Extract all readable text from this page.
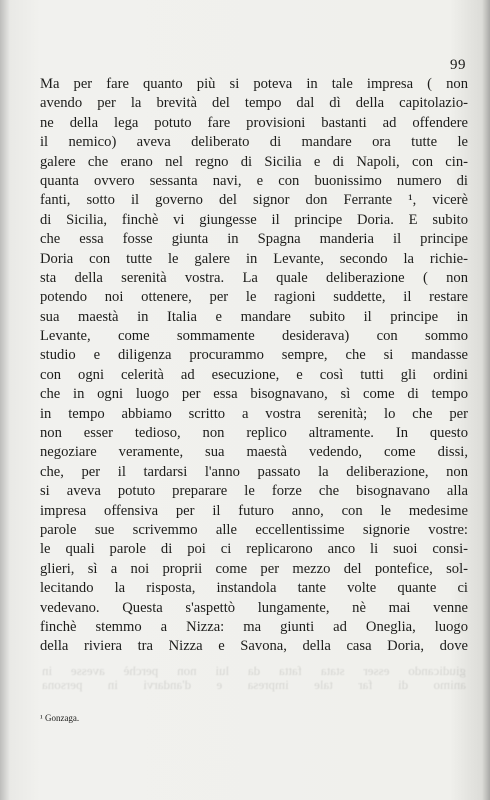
99
Ma per fare quanto più si poteva in tale impresa ( non
avendo per la brevità del tempo dal dì della capitolazio-
ne della lega potuto fare provisioni bastanti ad offendere
il nemico) aveva deliberato di mandare ora tutte le
galere che erano nel regno di Sicilia e di Napoli, con cin-
quanta ovvero sessanta navi, e con buonissimo numero di
fanti, sotto il governo del signor don Ferrante ¹, vicerè
di Sicilia, finchè vi giungesse il principe Doria. E subito
che essa fosse giunta in Spagna manderia il principe
Doria con tutte le galere in Levante, secondo la richie-
sta della serenità vostra. La quale deliberazione ( non
potendo noi ottenere, per le ragioni suddette, il restare
sua maestà in Italia e mandare subito il principe in
Levante, come sommamente desiderava) con sommo
studio e diligenza procurammo sempre, che si mandasse
con ogni celerità ad esecuzione, e così tutti gli ordini
che in ogni luogo per essa bisognavano, sì come di tempo
in tempo abbiamo scritto a vostra serenità; lo che per
non esser tedioso, non replico altramente. In questo
negoziare veramente, sua maestà vedendo, come dissi,
che, per il tardarsi l'anno passato la deliberazione, non
si aveva potuto preparare le forze che bisognavano alla
impresa offensiva per il futuro anno, con le medesime
parole sue scrivemmo alle eccellentissime signorie vostre:
le quali parole di poi ci replicarono anco li suoi consi-
glieri, sì a noi proprii come per mezzo del pontefice, sol-
lecitando la risposta, instandola tante volte quante ci
vedevano. Questa s'aspettò lungamente, nè mai venne
finchè stemmo a Nizza: ma giunti ad Oneglia, luogo
della riviera tra Nizza e Savona, della casa Doria, dove
giudicando esser stata fatta da lui non perchè avesse in
animo di far tale impresa e d'andarvi in persona
¹ Gonzaga.
